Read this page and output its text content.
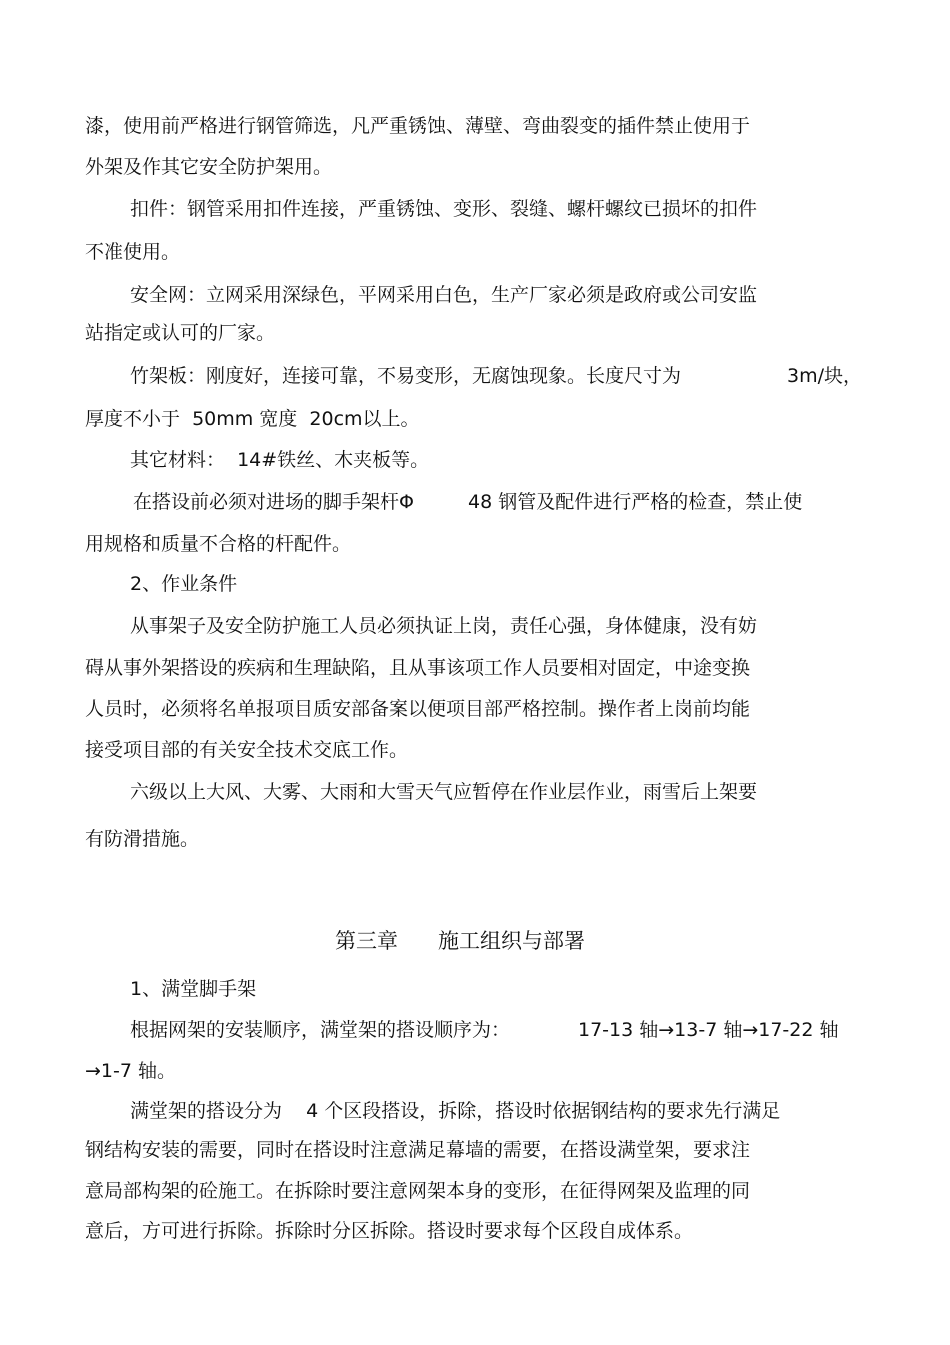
漆，使用前严格进行钢管筛选，凡严重锈蚀、薄壁、弯曲裂变的插件禁止使用于
外架及作其它安全防护架用。
扣件：钢管采用扣件连接，严重锈蚀、变形、裂缝、螺杆螺纹已损坏的扣件
不准使用。
安全网：立网采用深绿色，平网采用白色，生产厂家必须是政府或公司安监
站指定或认可的厂家。
竹架板：刚度好，连接可靠，不易变形，无腐蚀现象。长度尺寸为	3m/块，
厚度不小于  50mm 宽度  20cm以上。
其它材料：  14#铁丝、木夹板等。
在搭设前必须对进场的脚手架杆Φ	48 钢管及配件进行严格的检查，禁止使
用规格和质量不合格的杆配件。
2、作业条件
从事架子及安全防护施工人员必须执证上岗，责任心强，身体健康，没有妨
碍从事外架搭设的疾病和生理缺陷，且从事该项工作人员要相对固定，中途变换
人员时，必须将名单报项目质安部备案以便项目部严格控制。操作者上岗前均能
接受项目部的有关安全技术交底工作。
六级以上大风、大雾、大雨和大雪天气应暂停在作业层作业，雨雪后上架要
有防滑措施。
第三章      施工组织与部署
1、满堂脚手架
根据网架的安装顺序，满堂架的搭设顺序为：	17-13 轴→13-7 轴→17-22 轴
→1-7 轴。
满堂架的搭设分为    4 个区段搭设，拆除，搭设时依据钢结构的要求先行满足
钢结构安装的需要，同时在搭设时注意满足幕墙的需要，在搭设满堂架，要求注
意局部构架的砼施工。在拆除时要注意网架本身的变形，在征得网架及监理的同
意后，方可进行拆除。拆除时分区拆除。搭设时要求每个区段自成体系。
